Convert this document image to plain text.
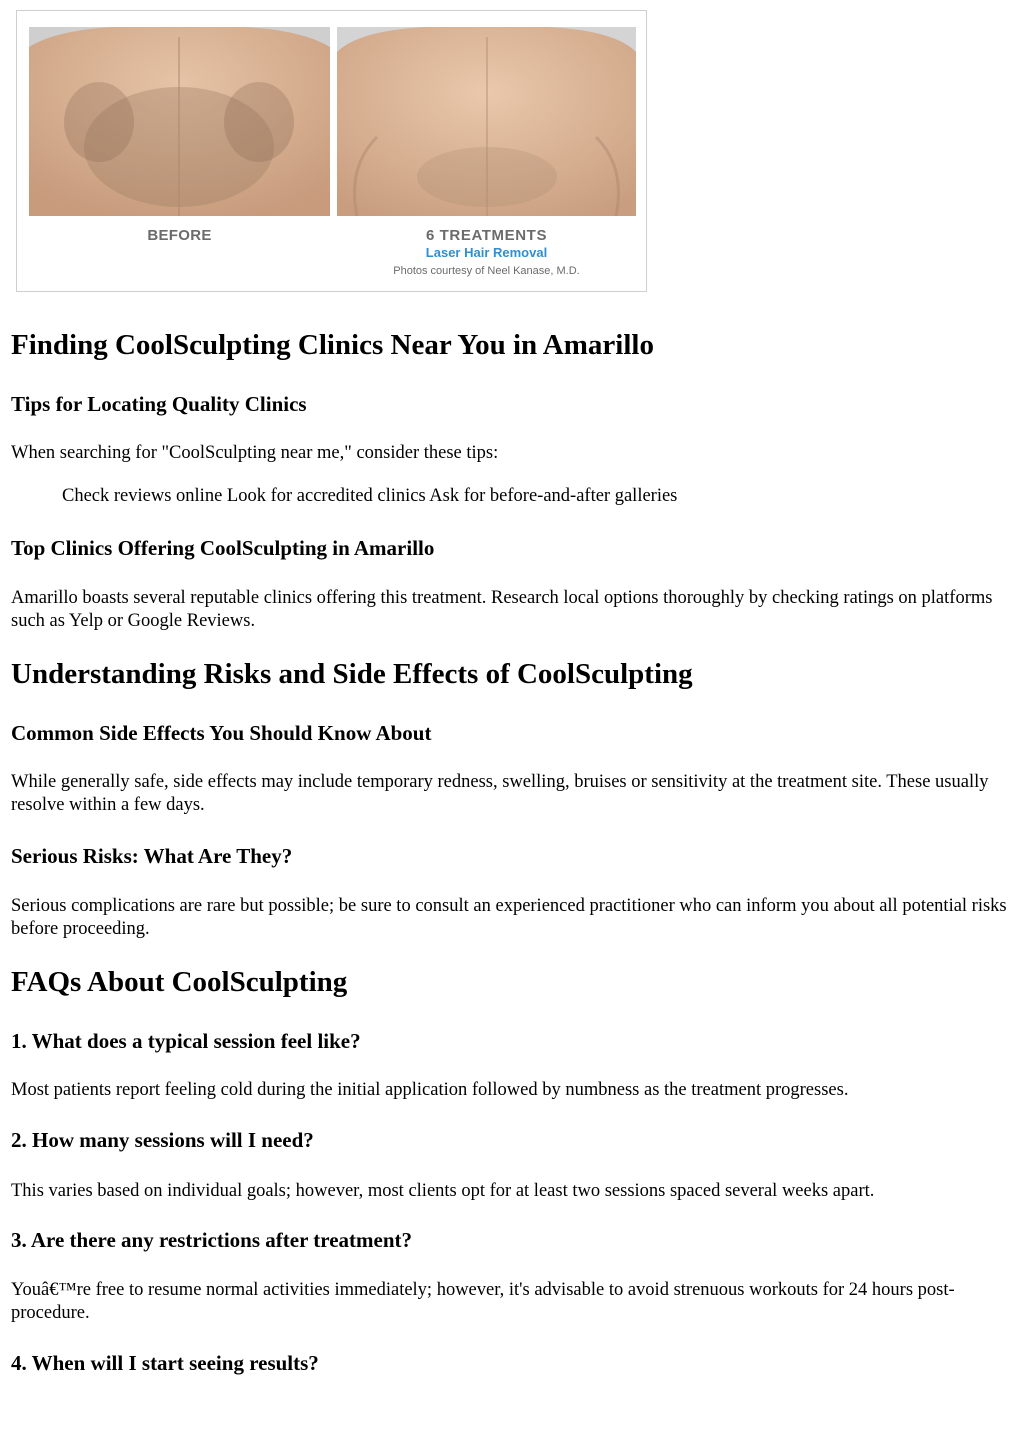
BEFORE	6 TREATMENTS
Laser Hair Removal
Photos courtesy of Neel Kanase, M.D.
Finding CoolSculpting Clinics Near You in Amarillo
Tips for Locating Quality Clinics

When searching for "CoolSculpting near me," consider these tips:

Check reviews online Look for accredited clinics Ask for before-and-after galleries

Top Clinics Offering CoolSculpting in Amarillo

Amarillo boasts several reputable clinics offering this treatment. Research local options thoroughly by checking ratings on platforms such as Yelp or Google Reviews.

Understanding Risks and Side Effects of CoolSculpting
Common Side Effects You Should Know About

While generally safe, side effects may include temporary redness, swelling, bruises or sensitivity at the treatment site. These usually resolve within a few days.

Serious Risks: What Are They?

Serious complications are rare but possible; be sure to consult an experienced practitioner who can inform you about all potential risks before proceeding.

FAQs About CoolSculpting
1. What does a typical session feel like?

Most patients report feeling cold during the initial application followed by numbness as the treatment progresses.

2. How many sessions will I need?

This varies based on individual goals; however, most clients opt for at least two sessions spaced several weeks apart.

3. Are there any restrictions after treatment?

Youâ€™re free to resume normal activities immediately; however, it's advisable to avoid strenuous workouts for 24 hours post-procedure.

4. When will I start seeing results?
